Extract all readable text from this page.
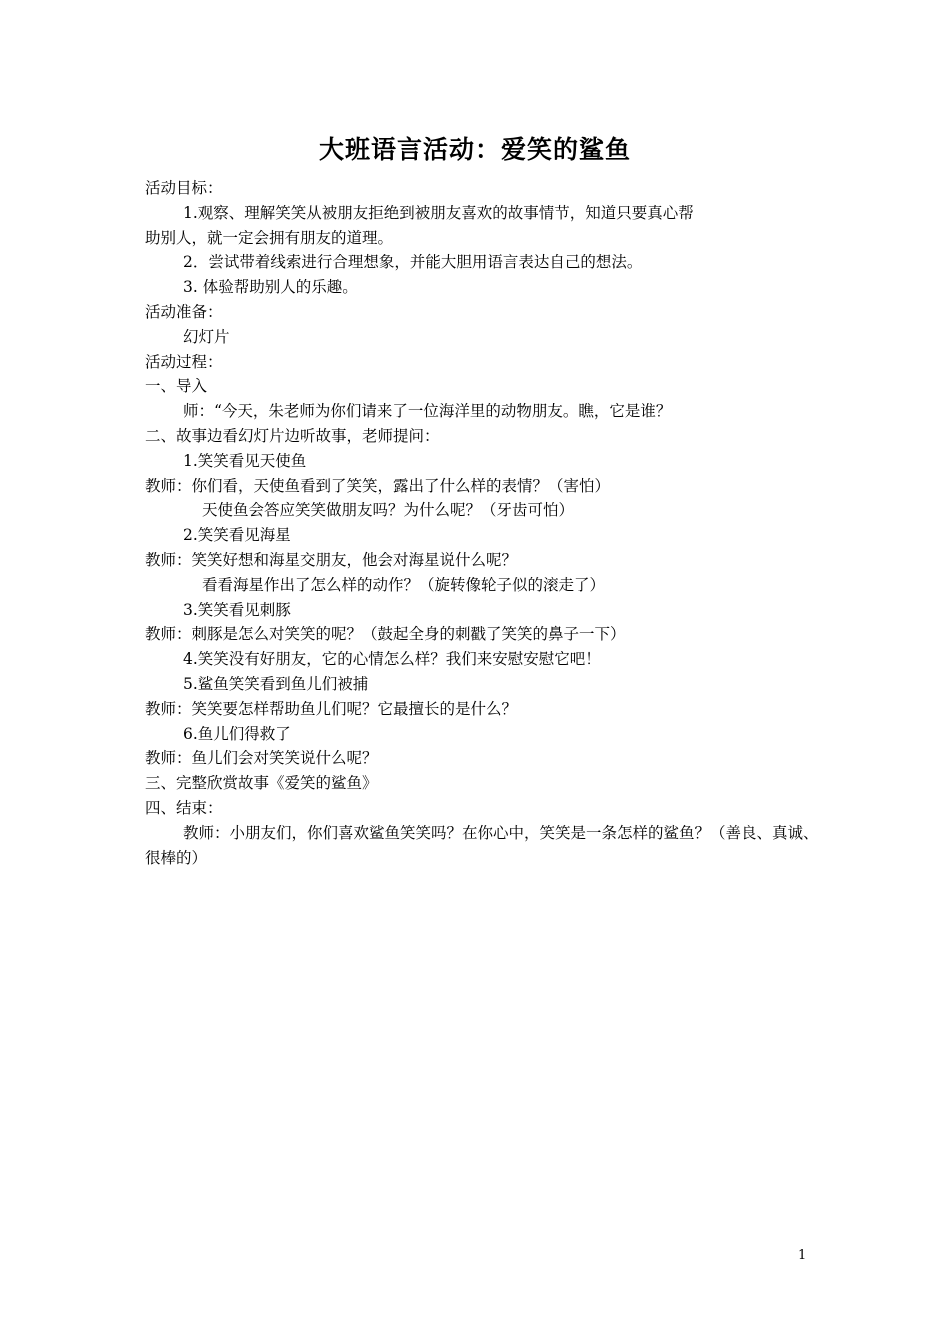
大班语言活动：爱笑的鲨鱼
活动目标：
1.观察、理解笑笑从被朋友拒绝到被朋友喜欢的故事情节，知道只要真心帮
助别人，就一定会拥有朋友的道理。
2．尝试带着线索进行合理想象，并能大胆用语言表达自己的想法。
3. 体验帮助别人的乐趣。
活动准备：
幻灯片
活动过程：
一、导入
师：“今天，朱老师为你们请来了一位海洋里的动物朋友。瞧，它是谁？
二、故事边看幻灯片边听故事，老师提问：
1.笑笑看见天使鱼
教师：你们看，天使鱼看到了笑笑，露出了什么样的表情？（害怕）
天使鱼会答应笑笑做朋友吗？为什么呢？（牙齿可怕）
2.笑笑看见海星
教师：笑笑好想和海星交朋友，他会对海星说什么呢？
看看海星作出了怎么样的动作？（旋转像轮子似的滚走了）
3.笑笑看见刺豚
教师：刺豚是怎么对笑笑的呢？（鼓起全身的刺戳了笑笑的鼻子一下）
4.笑笑没有好朋友，它的心情怎么样？我们来安慰安慰它吧！
5.鲨鱼笑笑看到鱼儿们被捕
教师：笑笑要怎样帮助鱼儿们呢？它最擅长的是什么？
6.鱼儿们得救了
教师：鱼儿们会对笑笑说什么呢？
三、完整欣赏故事《爱笑的鲨鱼》
四、结束：
教师：小朋友们，你们喜欢鲨鱼笑笑吗？在你心中，笑笑是一条怎样的鲨鱼？（善良、真诚、很棒的）
1
